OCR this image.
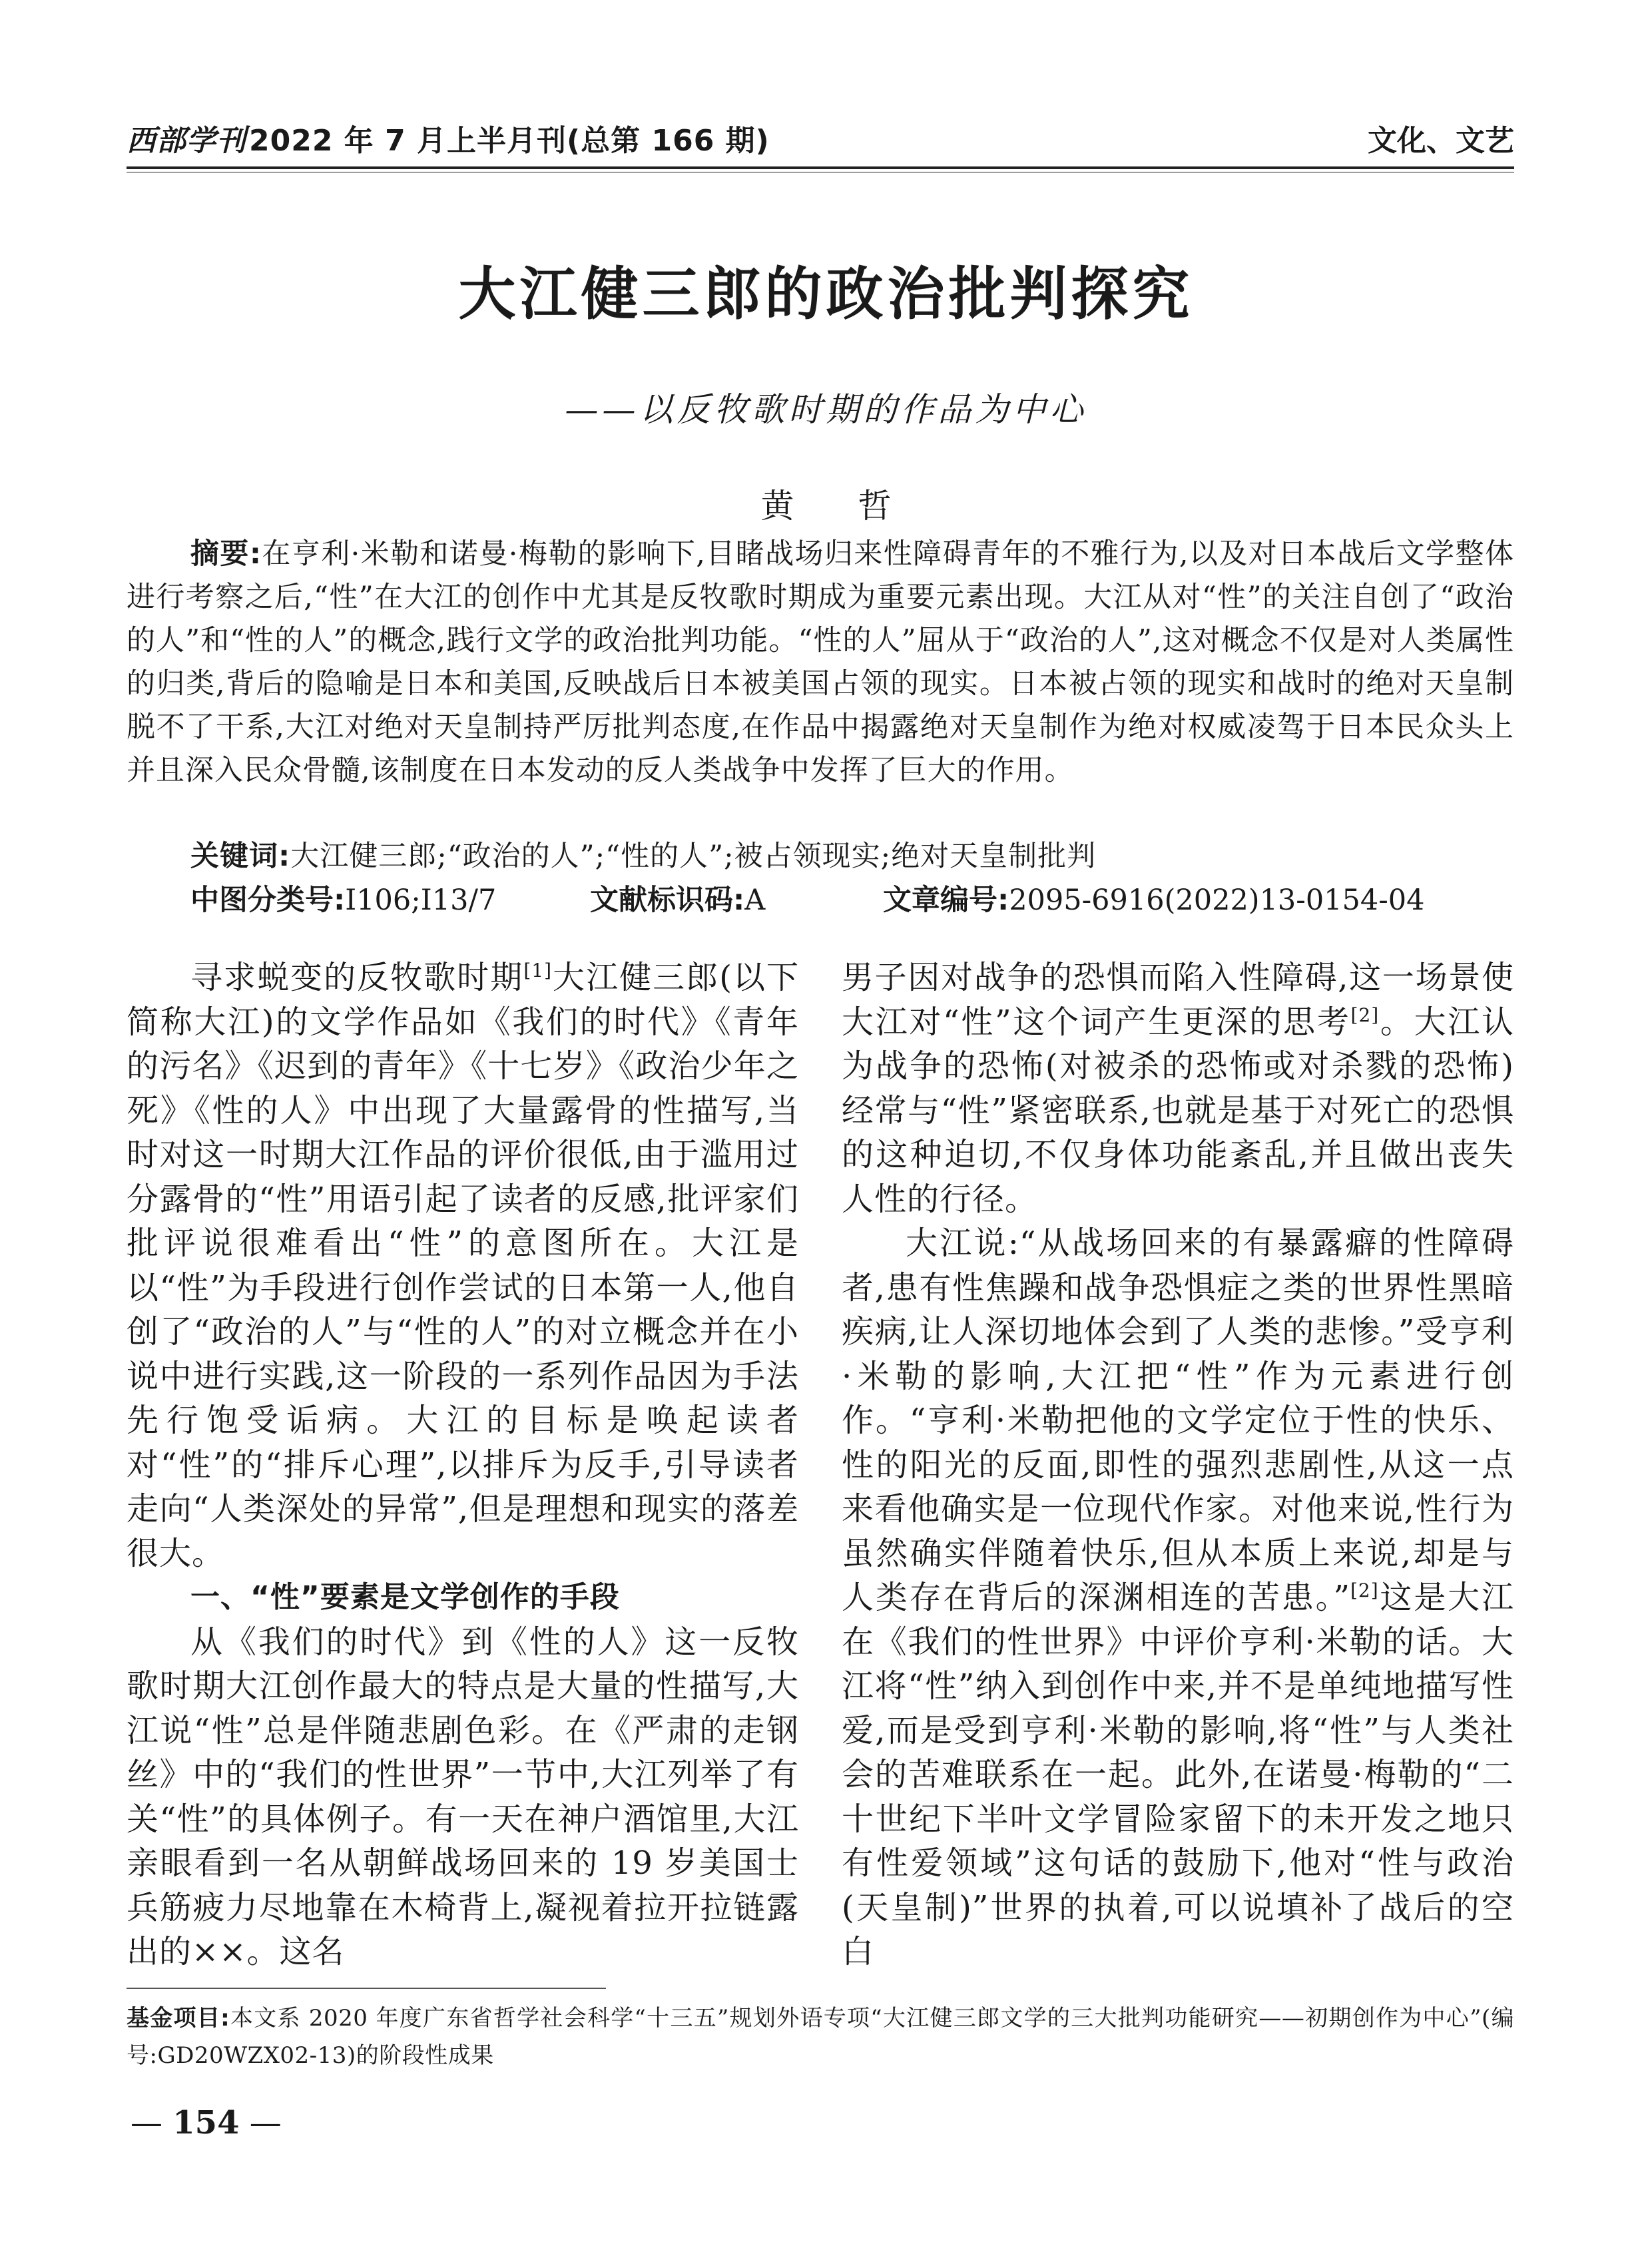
西部学刊2022 年 7 月上半月刊(总第 166 期)	文化、文艺
大江健三郎的政治批判探究
——以反牧歌时期的作品为中心
黄 哲
摘要:在亨利·米勒和诺曼·梅勒的影响下,目睹战场归来性障碍青年的不雅行为,以及对日本战后文学整体进行考察之后,“性”在大江的创作中尤其是反牧歌时期成为重要元素出现。大江从对“性”的关注自创了“政治的人”和“性的人”的概念,践行文学的政治批判功能。“性的人”屈从于“政治的人”,这对概念不仅是对人类属性的归类,背后的隐喻是日本和美国,反映战后日本被美国占领的现实。日本被占领的现实和战时的绝对天皇制脱不了干系,大江对绝对天皇制持严厉批判态度,在作品中揭露绝对天皇制作为绝对权威凌驾于日本民众头上并且深入民众骨髓,该制度在日本发动的反人类战争中发挥了巨大的作用。
关键词:大江健三郎;“政治的人”;“性的人”;被占领现实;绝对天皇制批判
中图分类号:I106;I13/7	文献标识码:A	文章编号:2095-6916(2022)13-0154-04

寻求蜕变的反牧歌时期[1]大江健三郎(以下简称大江)的文学作品如《我们的时代》《青年的污名》《迟到的青年》《十七岁》《政治少年之死》《性的人》中出现了大量露骨的性描写,当时对这一时期大江作品的评价很低,由于滥用过分露骨的“性”用语引起了读者的反感,批评家们批评说很难看出“性”的意图所在。大江是以“性”为手段进行创作尝试的日本第一人,他自创了“政治的人”与“性的人”的对立概念并在小说中进行实践,这一阶段的一系列作品因为手法先行饱受诟病。大江的目标是唤起读者对“性”的“排斥心理”,以排斥为反手,引导读者走向“人类深处的异常”,但是理想和现实的落差很大。

一、“性”要素是文学创作的手段

从《我们的时代》到《性的人》这一反牧歌时期大江创作最大的特点是大量的性描写,大江说“性”总是伴随悲剧色彩。在《严肃的走钢丝》中的“我们的性世界”一节中,大江列举了有关“性”的具体例子。有一天在神户酒馆里,大江亲眼看到一名从朝鲜战场回来的 19 岁美国士兵筋疲力尽地靠在木椅背上,凝视着拉开拉链露出的××。这名

男子因对战争的恐惧而陷入性障碍,这一场景使大江对“性”这个词产生更深的思考[2]。大江认为战争的恐怖(对被杀的恐怖或对杀戮的恐怖)经常与“性”紧密联系,也就是基于对死亡的恐惧的这种迫切,不仅身体功能紊乱,并且做出丧失人性的行径。

大江说:“从战场回来的有暴露癖的性障碍者,患有性焦躁和战争恐惧症之类的世界性黑暗疾病,让人深切地体会到了人类的悲惨。”受亨利·米勒的影响,大江把“性”作为元素进行创作。“亨利·米勒把他的文学定位于性的快乐、性的阳光的反面,即性的强烈悲剧性,从这一点来看他确实是一位现代作家。对他来说,性行为虽然确实伴随着快乐,但从本质上来说,却是与人类存在背后的深渊相连的苦患。”[2]这是大江在《我们的性世界》中评价亨利·米勒的话。大江将“性”纳入到创作中来,并不是单纯地描写性爱,而是受到亨利·米勒的影响,将“性”与人类社会的苦难联系在一起。此外,在诺曼·梅勒的“二十世纪下半叶文学冒险家留下的未开发之地只有性爱领域”这句话的鼓励下,他对“性与政治(天皇制)”世界的执着,可以说填补了战后的空白

基金项目:本文系 2020 年度广东省哲学社会科学“十三五”规划外语专项“大江健三郎文学的三大批判功能研究——初期创作为中心”(编号:GD20WZX02-13)的阶段性成果
— 154 —
